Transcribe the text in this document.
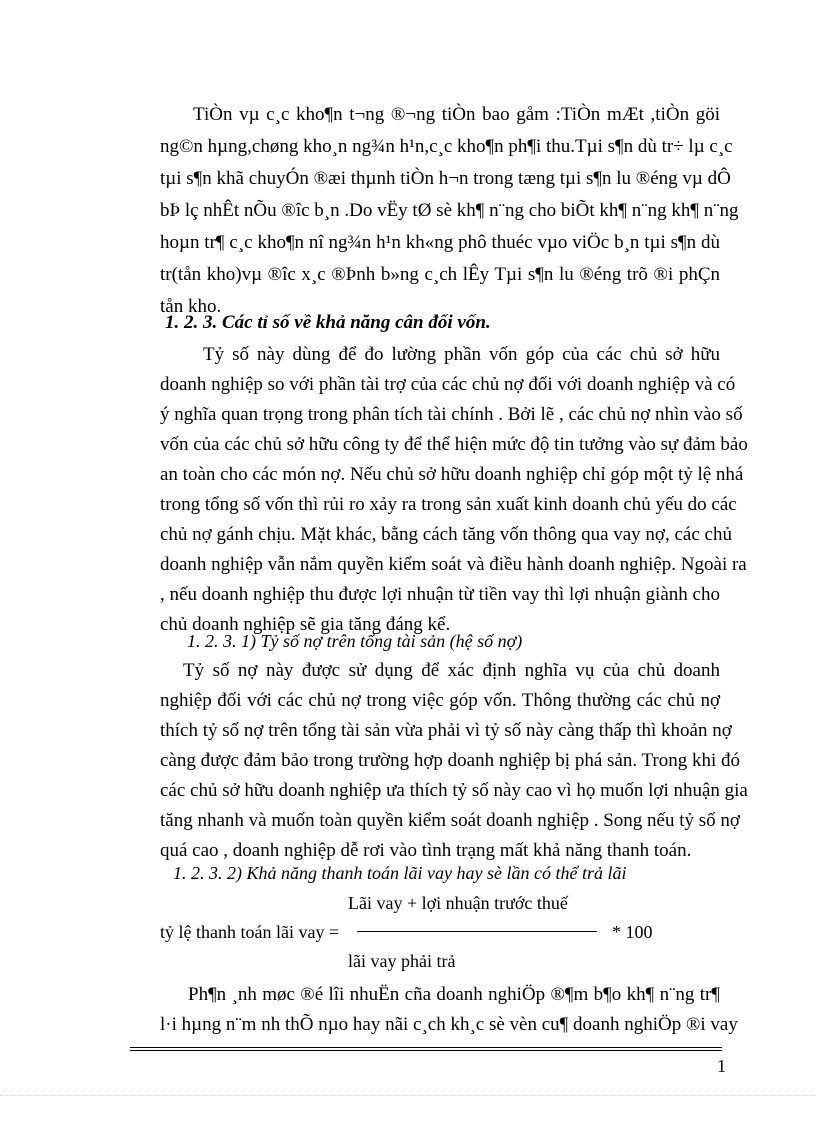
TiÒn vµ c¸c kho¶n t¬ng ®¬ng tiÒn bao gåm :TiÒn mÆt ,tiÒn göi

ng©n hµng,chøng kho¸n ng¾n h¹n,c¸c kho¶n ph¶i thu.Tµi s¶n dù tr÷ lµ c¸c

tµi s¶n khã chuyÓn ®æi thµnh tiÒn h¬n trong tæng tµi s¶n lu ®éng vµ dÔ

bÞ lç nhÊt nÕu ®îc b¸n .Do vËy tØ sè kh¶ n¨ng cho biÕt kh¶ n¨ng kh¶ n¨ng

hoµn tr¶ c¸c kho¶n nî ng¾n h¹n kh«ng phô thuéc vµo viÖc b¸n tµi s¶n dù

tr(tån kho)vµ ®îc x¸c ®Þnh b»ng c¸ch lÊy Tµi s¶n lu ®éng trõ ®i phÇn

tån kho.

1. 2. 3. Các tỉ số về khả năng cân đối vốn.

Tỷ số này dùng để đo lường phần vốn góp của các chủ sở hữu

doanh nghiệp so với phần tài trợ của các chủ nợ đối với doanh nghiệp và có

ý nghĩa quan trọng trong phân tích tài chính . Bởi lẽ , các chủ nợ nhìn vào số

vốn của các chủ sở hữu công ty để thể hiện mức độ tin tưởng vào sự đảm bảo

an toàn cho các món nợ. Nếu chủ sở hữu doanh nghiệp chỉ góp một tỷ lệ nhá

trong tổng số vốn thì rủi ro xảy ra trong sản xuất kinh doanh chủ yếu do các

chủ nợ gánh chịu. Mặt khác, bằng cách tăng vốn thông qua vay nợ, các chủ

doanh nghiệp vẫn nắm quyền kiểm soát và điều hành doanh nghiệp. Ngoài ra

, nếu doanh nghiệp thu được lợi nhuận từ tiền vay thì lợi nhuận giành cho

chủ doanh nghiệp sẽ gia tăng đáng kể.

1. 2. 3. 1) Tỷ số nợ trên tổng tài sản (hệ số nợ)

Tỷ số nợ này được sử dụng để xác định nghĩa vụ của chủ doanh

nghiệp đối với các chủ nợ trong việc góp vốn. Thông thường các chủ nợ

thích tỷ số nợ trên tổng tài sản vừa phải vì tỷ số này càng thấp thì khoản nợ

càng được đảm bảo trong trường hợp doanh nghiệp bị phá sản. Trong khi đó

các chủ sở hữu doanh nghiệp ưa thích tỷ số này cao vì họ muốn lợi nhuận gia

tăng nhanh và muốn toàn quyền kiểm soát doanh nghiệp . Song nếu tỷ số nợ

quá cao , doanh nghiệp dễ rơi vào tình trạng mất khả năng thanh toán.

1. 2. 3. 2) Khả năng thanh toán lãi vay hay sè lần có thể trả lãi

Lãi vay + lợi nhuận trước thuế
tỷ lệ thanh toán lãi vay =	* 100
lãi vay phải trả

Ph¶n ¸nh møc ®é lîi nhuËn cña doanh nghiÖp ®¶m b¶o kh¶ n¨ng tr¶

l·i hµng n¨m nh thÕ nµo hay nãi c¸ch kh¸c sè vèn cu¶ doanh nghiÖp ®i vay

1
